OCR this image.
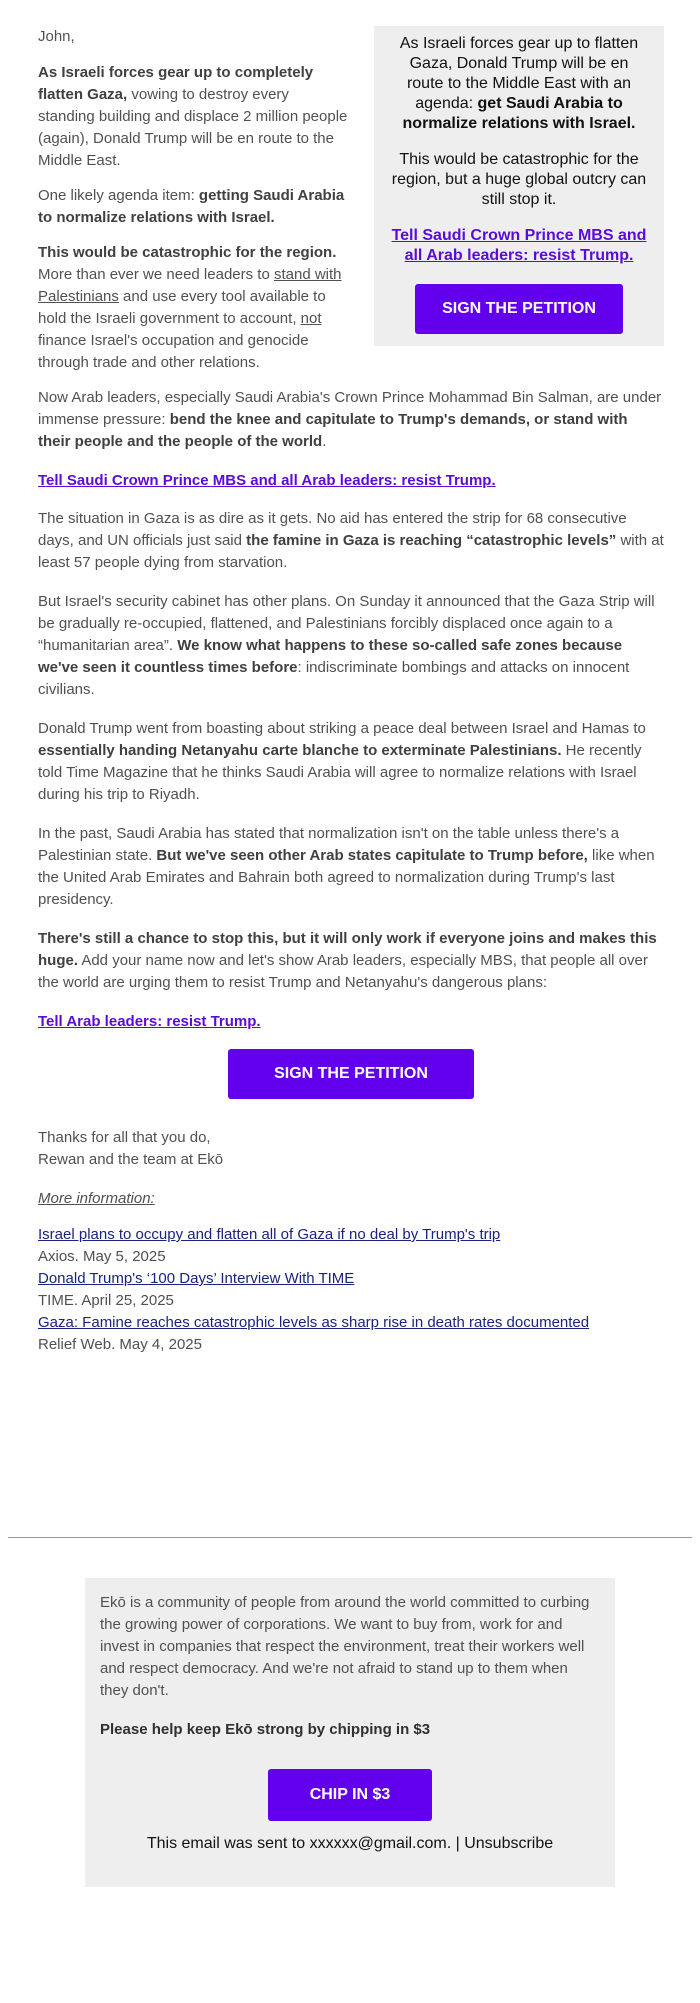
As Israeli forces gear up to flatten Gaza, Donald Trump will be en route to the Middle East with an agenda: get Saudi Arabia to normalize relations with Israel.

This would be catastrophic for the region, but a huge global outcry can still stop it.

Tell Saudi Crown Prince MBS and all Arab leaders: resist Trump.
SIGN THE PETITION

John,

As Israeli forces gear up to completely flatten Gaza, vowing to destroy every standing building and displace 2 million people (again), Donald Trump will be en route to the Middle East.

One likely agenda item: getting Saudi Arabia to normalize relations with Israel.

This would be catastrophic for the region. More than ever we need leaders to stand with Palestinians and use every tool available to hold the Israeli government to account, not finance Israel's occupation and genocide through trade and other relations.

Now Arab leaders, especially Saudi Arabia's Crown Prince Mohammad Bin Salman, are under immense pressure: bend the knee and capitulate to Trump's demands, or stand with their people and the people of the world.

Tell Saudi Crown Prince MBS and all Arab leaders: resist Trump.

The situation in Gaza is as dire as it gets. No aid has entered the strip for 68 consecutive days, and UN officials just said the famine in Gaza is reaching “catastrophic levels” with at least 57 people dying from starvation.

But Israel's security cabinet has other plans. On Sunday it announced that the Gaza Strip will be gradually re-occupied, flattened, and Palestinians forcibly displaced once again to a “humanitarian area”. We know what happens to these so-called safe zones because we've seen it countless times before: indiscriminate bombings and attacks on innocent civilians.

Donald Trump went from boasting about striking a peace deal between Israel and Hamas to essentially handing Netanyahu carte blanche to exterminate Palestinians. He recently told Time Magazine that he thinks Saudi Arabia will agree to normalize relations with Israel during his trip to Riyadh.

In the past, Saudi Arabia has stated that normalization isn't on the table unless there's a Palestinian state. But we've seen other Arab states capitulate to Trump before, like when the United Arab Emirates and Bahrain both agreed to normalization during Trump's last presidency.

There's still a chance to stop this, but it will only work if everyone joins and makes this huge. Add your name now and let's show Arab leaders, especially MBS, that people all over the world are urging them to resist Trump and Netanyahu's dangerous plans:

Tell Arab leaders: resist Trump.

SIGN THE PETITION

Thanks for all that you do,
Rewan and the team at Ekō

More information:

Israel plans to occupy and flatten all of Gaza if no deal by Trump's trip
Axios. May 5, 2025
Donald Trump's ‘100 Days’ Interview With TIME
TIME. April 25, 2025
Gaza: Famine reaches catastrophic levels as sharp rise in death rates documented
Relief Web. May 4, 2025

Ekō is a community of people from around the world committed to curbing the growing power of corporations. We want to buy from, work for and invest in companies that respect the environment, treat their workers well and respect democracy. And we're not afraid to stand up to them when they don't.

Please help keep Ekō strong by chipping in $3

CHIP IN $3
This email was sent to xxxxxx@gmail.com. | Unsubscribe
